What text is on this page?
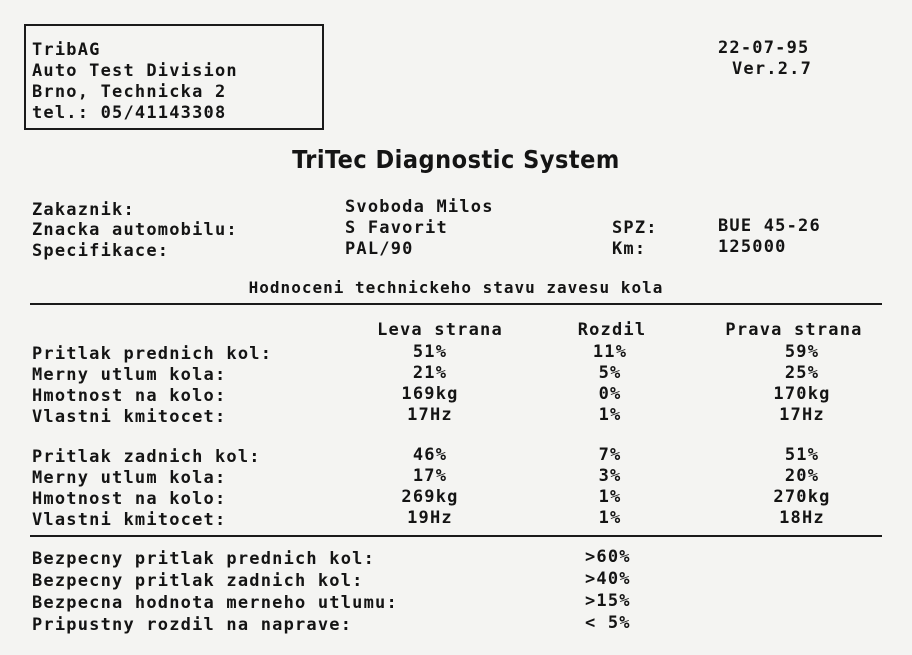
TribAG
Auto Test Division
Brno, Technicka 2
tel.: 05/41143308
22-07-95
Ver.2.7
TriTec Diagnostic System
Zakaznik:	Svoboda Milos
Znacka automobilu:	S Favorit
Specifikace:	PAL/90
SPZ:	BUE 45-26
Km:	125000
Hodnoceni technickeho stavu zavesu kola
Leva strana	Rozdil	Prava strana
Pritlak prednich kol:	51%	11%	59%
Merny utlum kola:	21%	5%	25%
Hmotnost na kolo:	169kg	0%	170kg
Vlastni kmitocet:	17Hz	1%	17Hz
Pritlak zadnich kol:	46%	7%	51%
Merny utlum kola:	17%	3%	20%
Hmotnost na kolo:	269kg	1%	270kg
Vlastni kmitocet:	19Hz	1%	18Hz
Bezpecny pritlak prednich kol:	>60%
Bezpecny pritlak zadnich kol:	>40%
Bezpecna hodnota merneho utlumu:	>15%
Pripustny rozdil na naprave:	< 5%
